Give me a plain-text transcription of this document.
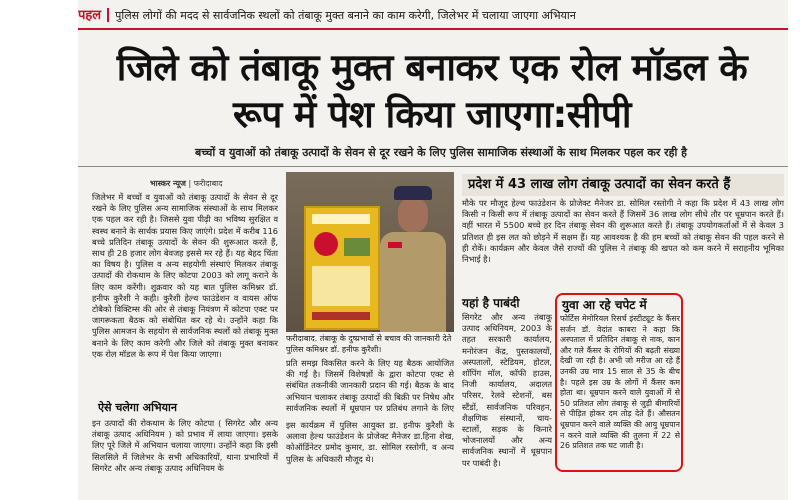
पहल पुलिस लोगों की मदद से सार्वजनिक स्थलों को तंबाकू मुक्त बनाने का काम करेगी, जिलेभर में चलाया जाएगा अभियान
जिले को तंबाकू मुक्त बनाकर एक रोल मॉडल के रूप में पेश किया जाएगा:सीपी
बच्चों व युवाओं को तंबाकू उत्पादों के सेवन से दूर रखने के लिए पुलिस सामाजिक संस्थाओं के साथ मिलकर पहल कर रही है
भास्कर न्यूज | फरीदाबाद
जिलेभर में बच्चों व युवाओं को तंबाकू उत्पादों के सेवन से दूर रखने के लिए पुलिस अन्य सामाजिक संस्थाओं के साथ मिलकर एक पहल कर रही है। जिससे युवा पीढ़ी का भविष्य सुरक्षित व स्वस्थ बनाने के सार्थक प्रयास किए जाएंगे। प्रदेश में करीब 116 बच्चे प्रतिदिन तंबाकू उत्पादों के सेवन की शुरूआत करते हैं, साथ ही 28 हजार लोग बेवजह इससे मर रहे हैं। यह बेहद चिंता का विषय है। पुलिस व अन्य सहयोगी संस्थाएं मिलकर तंबाकू उत्पादों की रोकथाम के लिए कोटपा 2003 को लागू कराने के लिए काम करेंगी। शुक्रवार को यह बात पुलिस कमिश्नर डॉ. हनीफ कुरैशी ने कही। कुरैशी हेल्थ फाउंडेशन व वायस ऑफ टोबैको विक्टिम्स की ओर से तंबाकू नियंत्रण में कोटपा एक्ट पर जागरूकता बैठक को संबोधित कर रहे थे। उन्होंने कहा कि पुलिस आमजन के सहयोग से सार्वजनिक स्थलों को तंबाकू मुक्त बनाने के लिए काम करेगी और जिले को तंबाकू मुक्त बनाकर एक रोल मॉडल के रूप में पेश किया जाएगा।
ऐसे चलेगा अभियान
इन उत्पादों की रोकथाम के लिए कोटपा ( सिगरेट और अन्य तंबाकू उत्पाद अधिनियम ) को प्रभाव में लाया जाएगा। इसके लिए पूरे जिले में अभियान चलाया जाएगा। उन्होंने कहा कि इसी सिलसिले में जिलेभर के सभी अधिकारियों, थाना प्रभारियों में सिगरेट और अन्य तंबाकू उत्पाद अधिनियम के
फरीदाबाद. तंबाकू के दुष्प्रभावों से बचाव की जानकारी देते पुलिस कमिश्नर डॉ. हनीफ कुरैशी।
प्रति समझ विकसित करने के लिए यह बैठक आयोजित की गई है। जिसमें विशेषज्ञों के द्वारा कोटपा एक्ट से संबंधित तकनीकी जानकारी प्रदान की गई। बैठक के बाद अभियान चलाकर तंबाकू उत्पादों की बिक्री पर निषेध और सार्वजनिक स्थलों में धूम्रपान पर प्रतिबंध लगाने के लिए
इस कार्यक्रम में पुलिस आयुक्त डा. हनीफ कुरैशी के अलावा हेल्थ फाउंडेशन के प्रोजेक्ट मैनेजर डा.हिना शेख, कोऑर्डिनेटर प्रमोद कुमार, डा. सोमिल रस्तोगी, व अन्य पुलिस के अधिकारी मौजूद थे।
प्रदेश में 43 लाख लोग तंबाकू उत्पादों का सेवन करते हैं
मौके पर मौजूद हेल्थ फाउंडेशन के प्रोजेक्ट मैनेजर डा. सोमिल रस्तोगी ने कहा कि प्रदेश में 43 लाख लोग किसी न किसी रूप में तंबाकू उत्पादों का सेवन करते हैं जिसमें 36 लाख लोग सीधे तौर पर धूम्रपान करते हैं। वहीं भारत में 5500 बच्चे हर दिन तंबाकू सेवन की शुरूआत करते हैं। तंबाकू उपयोगकर्ताओं में से केवल 3 प्रतिशत ही इस लत को छोड़ने में सक्षम हैं। यह आवश्यक है की हम बच्चों को तंबाकू सेवन की पहल करने से ही रोकें। कार्यक्रम और केवल जैसे राज्यों की पुलिस ने तंबाकू की खपत को कम करने में सराहनीय भूमिका निभाई है।
यहां है पाबंदी
सिगरेट और अन्य तंबाकू उत्पाद अधिनियम, 2003 के तहत सरकारी कार्यालय, मनोरंजन केंद्र, पुस्तकालयों, अस्पतालों, स्टेडियम, होटल, शॉपिंग मॉल, कॉफी हाउस, निजी कार्यालय, अदालत परिसर, रेलवे स्टेशनों, बस स्टैंडों, सार्वजनिक परिवहन, शैक्षणिक संस्थानों, चाय-स्टालों, सड़क के किनारे भोजनालयों और अन्य सार्वजनिक स्थानों में धूम्रपान पर पाबंदी है।
युवा आ रहे चपेट में
फोर्टिस मेमोरियल रिसर्च इंस्टीट्यूट के कैंसर सर्जन डॉ. वेदांत काबरा ने कहा कि अस्पताल में प्रतिदिन तंबाकू से नाक, कान और गले कैंसर के रोगियों की बढ़ती संख्या देखी जा रही है। अभी जो मरीज आ रहे हैं उनकी उम्र मात्र 15 साल से 35 के बीच है। पहले इस उम्र के लोगों में कैंसर कम होता था। धूम्रपान करने वाले युवाओं में से 50 प्रतिशत लोग तंबाकू से जुड़ी बीमारियों से पीड़ित होकर दम तोड़ देते हैं। औसतन धूम्रपान करने वाले व्यक्ति की आयु धूम्रपान न करने वाले व्यक्ति की तुलना में 22 से 26 प्रतिशत तक घट जाती है।
